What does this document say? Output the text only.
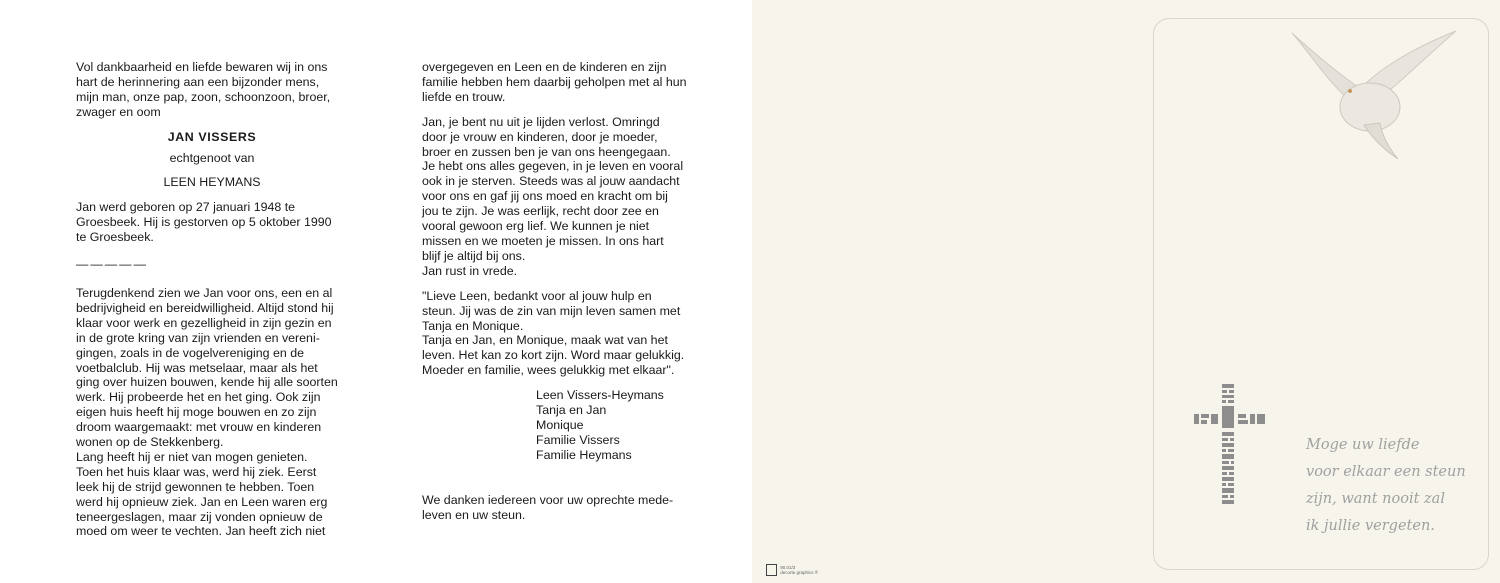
Vol dankbaarheid en liefde bewaren wij in ons
hart de herinnering aan een bijzonder mens,
mijn man, onze pap, zoon, schoonzoon, broer,
zwager en oom

JAN VISSERS

echtgenoot van

LEEN HEYMANS

Jan werd geboren op 27 januari 1948 te
Groesbeek. Hij is gestorven op 5 oktober 1990
te Groesbeek.

—————

Terugdenkend zien we Jan voor ons, een en al
bedrijvigheid en bereidwilligheid. Altijd stond hij
klaar voor werk en gezelligheid in zijn gezin en
in de grote kring van zijn vrienden en vereni-
gingen, zoals in de vogelvereniging en de
voetbalclub. Hij was metselaar, maar als het
ging over huizen bouwen, kende hij alle soorten
werk. Hij probeerde het en het ging. Ook zijn
eigen huis heeft hij moge bouwen en zo zijn
droom waargemaakt: met vrouw en kinderen
wonen op de Stekkenberg.
Lang heeft hij er niet van mogen genieten.
Toen het huis klaar was, werd hij ziek. Eerst
leek hij de strijd gewonnen te hebben. Toen
werd hij opnieuw ziek. Jan en Leen waren erg
teneergeslagen, maar zij vonden opnieuw de
moed om weer te vechten. Jan heeft zich niet

overgegeven en Leen en de kinderen en zijn
familie hebben hem daarbij geholpen met al hun
liefde en trouw.

Jan, je bent nu uit je lijden verlost. Omringd
door je vrouw en kinderen, door je moeder,
broer en zussen ben je van ons heengegaan.
Je hebt ons alles gegeven, in je leven en vooral
ook in je sterven. Steeds was al jouw aandacht
voor ons en gaf jij ons moed en kracht om bij
jou te zijn. Je was eerlijk, recht door zee en
vooral gewoon erg lief. We kunnen je niet
missen en we moeten je missen. In ons hart
blijf je altijd bij ons.
Jan rust in vrede.

"Lieve Leen, bedankt voor al jouw hulp en
steun. Jij was de zin van mijn leven samen met
Tanja en Monique.
Tanja en Jan, en Monique, maak wat van het
leven. Het kan zo kort zijn. Word maar gelukkig.
Moeder en familie, wees gelukkig met elkaar".

Leen Vissers-Heymans
Tanja en Jan
Monique
Familie Vissers
Familie Heymans

We danken iedereen voor uw oprechte mede-
leven en uw steun.

Moge uw liefde
voor elkaar een steun
zijn, want nooit zal
ik jullie vergeten.

90.01/3
decorte graphics ®
